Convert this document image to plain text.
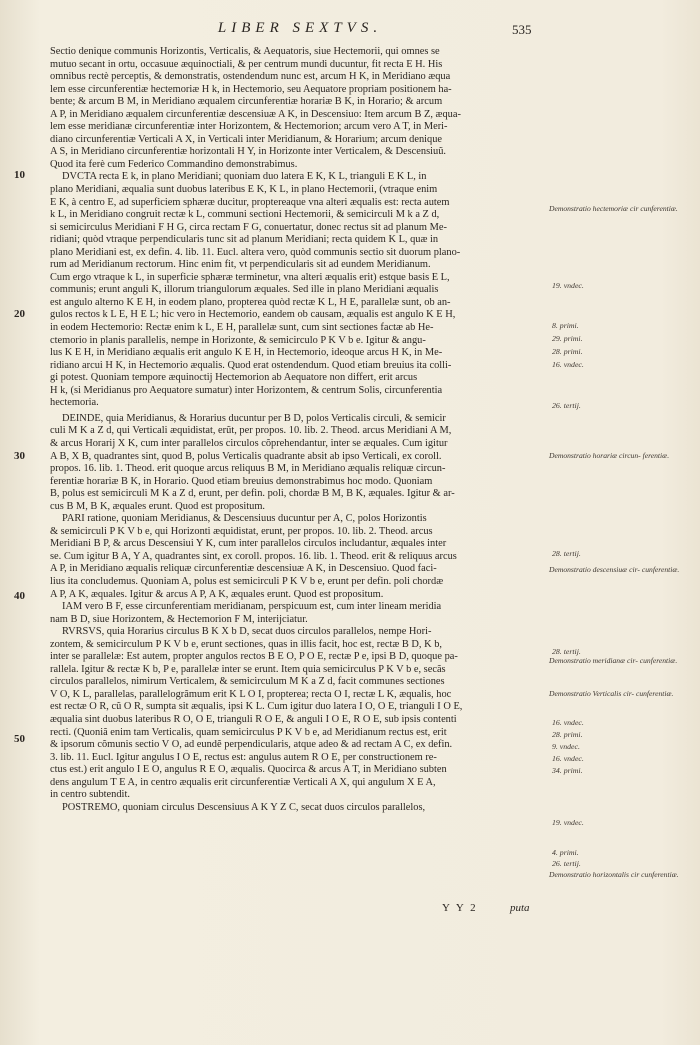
LIBER SEXTVS.	535
Sectio denique communis Horizontis, Verticalis, & Aequatoris, siue Hectemorii, qui omnes se
mutuo secant in ortu, occasuue æquinoctiali, & per centrum mundi ducuntur, fit recta E H. His
omnibus rectè perceptis, & demonstratis, ostendendum nunc est, arcum H K, in Meridiano æqua
lem esse circunferentiæ hectemoriæ H k, in Hectemorio, seu Aequatore propriam positionem ha-
bente; & arcum B M, in Meridiano æqualem circunferentiæ horariæ B K, in Horario; & arcum
A P, in Meridiano æqualem circunferentiæ descensiuæ A K, in Descensiuo: Item arcum B Z, æqua-
lem esse meridianæ circunferentiæ inter Horizontem, & Hectemorion; arcum vero A T, in Meri-
diano circunferentiæ Verticali A X, in Verticali inter Meridianum, & Horarium; arcum denique
A S, in Meridiano circunferentiæ horizontali H Y, in Horizonte inter Verticalem, & Descensiuũ.
Quod ita ferè cum Federico Commandino demonstrabimus.
DVCTA recta E k, in plano Meridiani; quoniam duo latera E K, K L, trianguli E K L, in
plano Meridiani, æqualia sunt duobus lateribus E K, K L, in plano Hectemorii, (vtraque enim
E K, à centro E, ad superficiem sphæræ ducitur, proptereaque vna alteri æqualis est: recta autem
k L, in Meridiano congruit rectæ k L, communi sectioni Hectemorii, & semicirculi M k a Z d,
si semicirculus Meridiani F H G, circa rectam F G, conuertatur, donec rectus sit ad planum Me-
ridiani; quòd vtraque perpendicularis tunc sit ad planum Meridiani; recta quidem K L, quæ in
plano Meridiani est, ex defin. 4. lib. 11. Eucl. altera vero, quòd communis sectio sit duorum plano-
rum ad Meridianum rectorum. Hinc enim fit, vt perpendicularis sit ad eundem Meridianum.
Cum ergo vtraque k L, in superficie sphæræ terminetur, vna alteri æqualis erit) estque basis E L,
communis; erunt anguli K, illorum triangulorum æquales. Sed ille in plano Meridiani æqualis
est angulo alterno K E H, in eodem plano, propterea quòd rectæ K L, H E, parallelæ sunt, ob an-
gulos rectos k L E, H E L; hic vero in Hectemorio, eandem ob causam, æqualis est angulo K E H,
in eodem Hectemorio: Rectæ enim k L, E H, parallelæ sunt, cum sint sectiones factæ ab He-
ctemorio in planis parallelis, nempe in Horizonte, & semicirculo P K V b e. Igitur & angu-
lus K E H, in Meridiano æqualis erit angulo K E H, in Hectemorio, ideoque arcus H K, in Me-
ridiano arcui H K, in Hectemorio æqualis. Quod erat ostendendum. Quod etiam breuius ita colli-
gi potest. Quoniam tempore æquinoctij Hectemorion ab Aequatore non differt, erit arcus
H k, (si Meridianus pro Aequatore sumatur) inter Horizontem, & centrum Solis, circunferentia
hectemoria.
DEINDE, quia Meridianus, & Horarius ducuntur per B D, polos Verticalis circuli, & semicir
culi M K a Z d, qui Verticali æquidistat, erũt, per propos. 10. lib. 2. Theod. arcus Meridiani A M,
& arcus Horarij X K, cum inter parallelos circulos cõprehendantur, inter se æquales. Cum igitur
A B, X B, quadrantes sint, quod B, polus Verticalis quadrante absit ab ipso Verticali, ex coroll.
propos. 16. lib. 1. Theod. erit quoque arcus reliquus B M, in Meridiano æqualis reliquæ circun-
ferentiæ horariæ B K, in Horario. Quod etiam breuius demonstrabimus hoc modo. Quoniam
B, polus est semicirculi M K a Z d, erunt, per defin. poli, chordæ B M, B K, æquales. Igitur & ar-
cus B M, B K, æquales erunt. Quod est propositum.
PARI ratione, quoniam Meridianus, & Descensiuus ducuntur per A, C, polos Horizontis
& semicirculi P K V b e, qui Horizonti æquidistat, erunt, per propos. 10. lib. 2. Theod. arcus
Meridiani B P, & arcus Descensiui Y K, cum inter parallelos circulos includantur, æquales inter
se. Cum igitur B A, Y A, quadrantes sint, ex coroll. propos. 16. lib. 1. Theod. erit & reliquus arcus
A P, in Meridiano æqualis reliquæ circunferentiæ descensiuæ A K, in Descensiuo. Quod faci-
lius ita concludemus. Quoniam A, polus est semicirculi P K V b e, erunt per defin. poli chordæ
A P, A K, æquales. Igitur & arcus A P, A K, æquales erunt. Quod est propositum.
IAM vero B F, esse circunferentiam meridianam, perspicuum est, cum inter lineam meridia
nam B D, siue Horizontem, & Hectemorion F M, interijciatur.
RVRSVS, quia Horarius circulus B K X b D, secat duos circulos parallelos, nempe Hori-
zontem, & semicirculum P K V b e, erunt sectiones, quas in illis facit, hoc est, rectæ B D, K b,
inter se parallelæ: Est autem, propter angulos rectos B E O, P O E, rectæ P e, ipsi B D, quoque pa-
rallela. Igitur & rectæ K b, P e, parallelæ inter se erunt. Item quia semicirculus P K V b e, secãs
circulos parallelos, nimirum Verticalem, & semicirculum M K a Z d, facit communes sectiones
V O, K L, parallelas, parallelogrãmum erit K L O I, propterea; recta O I, rectæ L K, æqualis, hoc
est rectæ O R, cũ O R, sumpta sit æqualis, ipsi K L. Cum igitur duo latera I O, O E, trianguli I O E,
æqualia sint duobus lateribus R O, O E, trianguli R O E, & anguli I O E, R O E, sub ipsis contenti
recti. (Quoniã enim tam Verticalis, quam semicirculus P K V b e, ad Meridianum rectus est, erit
& ipsorum cõmunis sectio V O, ad eundẽ perpendicularis, atque adeo & ad rectam A C, ex defin.
3. lib. 11. Eucl. Igitur angulus I O E, rectus est: angulus autem R O E, per constructionem re-
ctus est.) erit angulo I E O, angulus R E O, æqualis. Quocirca & arcus A T, in Meridiano subten
dens angulum T E A, in centro æqualis erit circunferentiæ Verticali A X, qui angulum X E A,
in centro subtendit.
POSTREMO, quoniam circulus Descensiuus A K Y Z C, secat duos circulos parallelos,
10
20
30
40
50
Demonstratio hectemoriæ cir cunferentiæ.
Demonstratio horariæ circun- ferentiæ.
Demonstratio descensiuæ cir- cunferentiæ.
Demonstratio meridianæ cir- cunferentiæ.
Demonstratio Verticalis cir- cunferentiæ.
Demonstratio horizontalis cir cunferentiæ.
19. vndec.
8. primi.
29. primi.
28. primi.
16. vndec.
26. tertij.
28. tertij.
28. tertij.
16. vndec.
28. primi.
9. vndec.
16. vndec.
34. primi.
19. vndec.
4. primi.
26. tertij.
Y Y 2	puta
